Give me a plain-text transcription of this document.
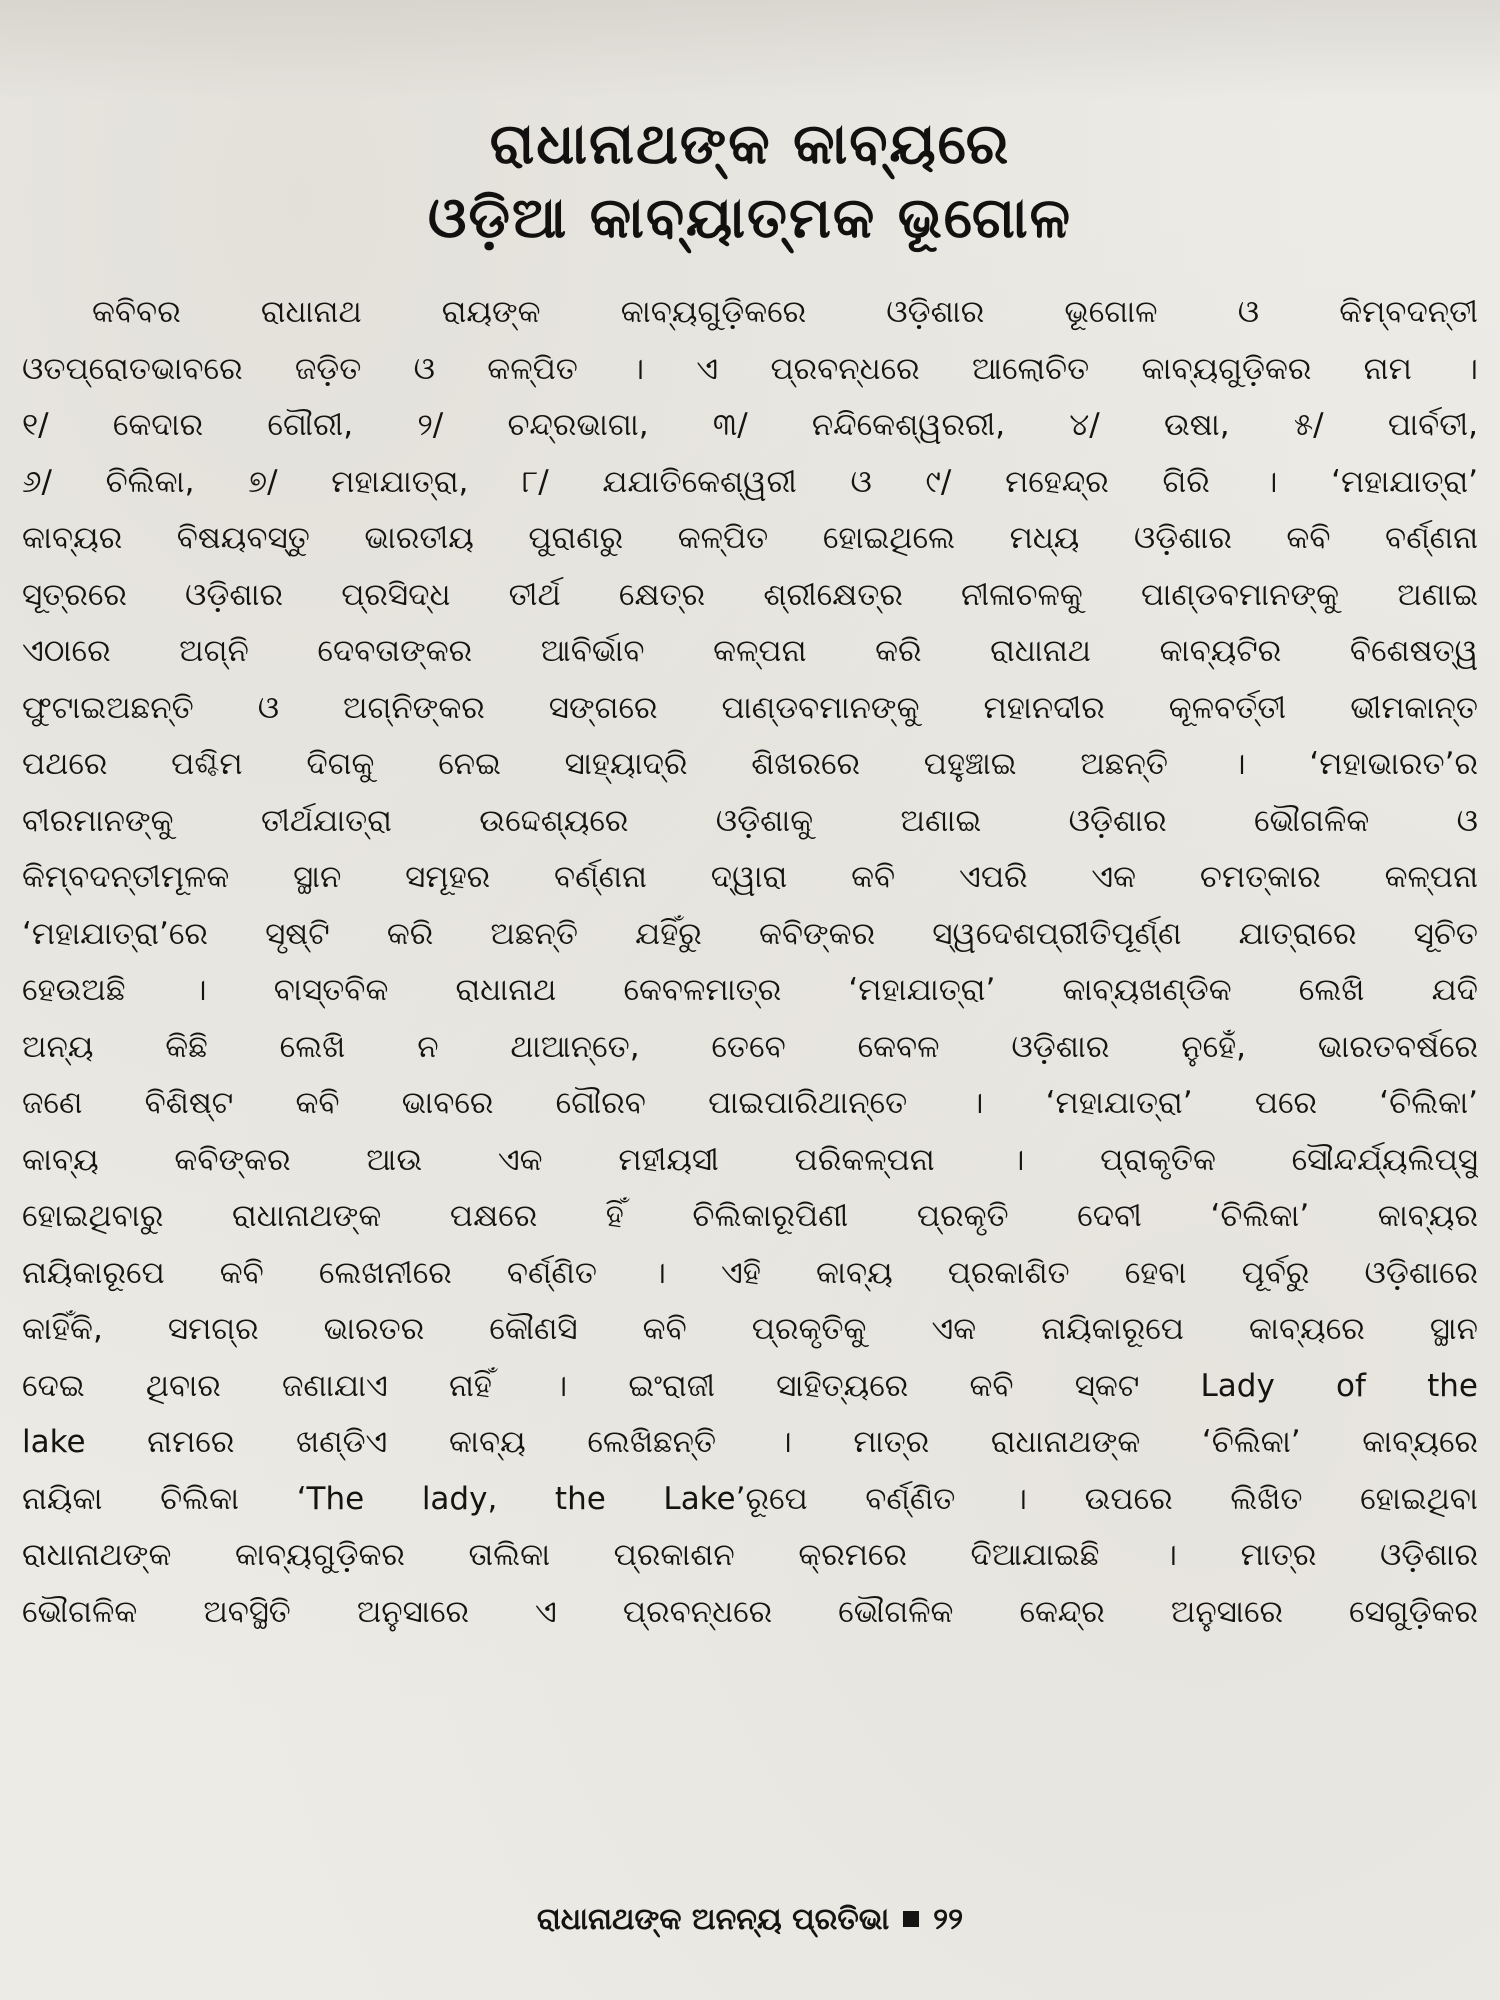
ରାଧାନାଥଙ୍କ କାବ୍ୟରେ
ଓଡ଼ିଆ କାବ୍ୟାତ୍ମକ ଭୂଗୋଳ

କବିବର ରାଧାନାଥ ରାୟଙ୍କ କାବ୍ୟଗୁଡ଼ିକରେ ଓଡ଼ିଶାର ଭୂଗୋଳ ଓ କିମ୍ବଦନ୍ତୀ
ଓତପ୍ରୋତଭାବରେ ଜଡ଼ିତ ଓ କଳ୍ପିତ । ଏ ପ୍ରବନ୍ଧରେ ଆଲୋଚିତ କାବ୍ୟଗୁଡ଼ିକର ନାମ ।
୧/ କେଦାର ଗୌରୀ, ୨/ ଚନ୍ଦ୍ରଭାଗା, ୩/ ନନ୍ଦିକେଶ୍ୱରରୀ, ୪/ ଉଷା, ୫/ ପାର୍ବତୀ,
୬/ ଚିଲିକା, ୭/ ମହାଯାତ୍ରା, ୮/ ଯଯାତିକେଶ୍ୱରୀ ଓ ୯/ ମହେନ୍ଦ୍ର ଗିରି । ‘ମହାଯାତ୍ରା’
କାବ୍ୟର ବିଷୟବସ୍ତୁ ଭାରତୀୟ ପୁରାଣରୁ କଳ୍ପିତ ହୋଇଥିଲେ ମଧ୍ୟ ଓଡ଼ିଶାର କବି ବର୍ଣ୍ଣନା
ସୂତ୍ରରେ ଓଡ଼ିଶାର ପ୍ରସିଦ୍ଧ ତୀର୍ଥ କ୍ଷେତ୍ର ଶ୍ରୀକ୍ଷେତ୍ର ନୀଳାଚଳକୁ ପାଣ୍ଡବମାନଙ୍କୁ ଅଣାଇ
ଏଠାରେ ଅଗ୍ନି ଦେବତାଙ୍କର ଆବିର୍ଭାବ କଳ୍ପନା କରି ରାଧାନାଥ କାବ୍ୟଟିର ବିଶେଷତ୍ୱ
ଫୁଟାଇଅଛନ୍ତି ଓ ଅଗ୍ନିଙ୍କର ସଙ୍ଗରେ ପାଣ୍ଡବମାନଙ୍କୁ ମହାନଦୀର କୂଳବର୍ତ୍ତୀ ଭୀମକାନ୍ତ
ପଥରେ ପଶ୍ଚିମ ଦିଗକୁ ନେଇ ସାହ୍ୟାଦ୍ରି ଶିଖରରେ ପହୁଞ୍ଚାଇ ଅଛନ୍ତି । ‘ମହାଭାରତ’ର
ବୀରମାନଙ୍କୁ ତୀର୍ଥଯାତ୍ରା ଉଦ୍ଦେଶ୍ୟରେ ଓଡ଼ିଶାକୁ ଅଣାଇ ଓଡ଼ିଶାର ଭୌଗଳିକ ଓ
କିମ୍ବଦନ୍ତୀମୂଳକ ସ୍ଥାନ ସମୂହର ବର୍ଣ୍ଣନା ଦ୍ୱାରା କବି ଏପରି ଏକ ଚମତ୍କାର କଳ୍ପନା
‘ମହାଯାତ୍ରା’ରେ ସୃଷ୍ଟି କରି ଅଛନ୍ତି ଯହିଁରୁ କବିଙ୍କର ସ୍ୱଦେଶପ୍ରୀତିପୂର୍ଣ୍ଣ ଯାତ୍ରାରେ ସୂଚିତ
ହେଉଅଛି । ବାସ୍ତବିକ ରାଧାନାଥ କେବଳମାତ୍ର ‘ମହାଯାତ୍ରା’ କାବ୍ୟଖଣ୍ଡିକ ଲେଖି ଯଦି
ଅନ୍ୟ କିଛି ଲେଖି ନ ଥାଆନ୍ତେ, ତେବେ କେବଳ ଓଡ଼ିଶାର ନୁହେଁ, ଭାରତବର୍ଷରେ
ଜଣେ ବିଶିଷ୍ଟ କବି ଭାବରେ ଗୌରବ ପାଇପାରିଥାନ୍ତେ । ‘ମହାଯାତ୍ରା’ ପରେ ‘ଚିଲିକା’
କାବ୍ୟ କବିଙ୍କର ଆଉ ଏକ ମହୀୟସୀ ପରିକଳ୍ପନା । ପ୍ରାକୃତିକ ସୌନ୍ଦର୍ଯ୍ୟଲିପ୍ସୁ
ହୋଇଥିବାରୁ ରାଧାନାଥଙ୍କ ପକ୍ଷରେ ହିଁ ଚିଲିକାରୂପିଣୀ ପ୍ରକୃତି ଦେବୀ ‘ଚିଲିକା’ କାବ୍ୟର
ନାୟିକାରୂପେ କବି ଲେଖନୀରେ ବର୍ଣ୍ଣିତ । ଏହି କାବ୍ୟ ପ୍ରକାଶିତ ହେବା ପୂର୍ବରୁ ଓଡ଼ିଶାରେ
କାହିଁକି, ସମଗ୍ର ଭାରତର କୌଣସି କବି ପ୍ରକୃତିକୁ ଏକ ନାୟିକାରୂପେ କାବ୍ୟରେ ସ୍ଥାନ
ଦେଇ ଥିବାର ଜଣାଯାଏ ନାହିଁ । ଇଂରାଜୀ ସାହିତ୍ୟରେ କବି ସ୍କଟ Lady of the
lake ନାମରେ ଖଣ୍ଡିଏ କାବ୍ୟ ଲେଖିଛନ୍ତି । ମାତ୍ର ରାଧାନାଥଙ୍କ ‘ଚିଲିକା’ କାବ୍ୟରେ
ନାୟିକା ଚିଲିକା ‘The lady, the Lake’ରୂପେ ବର୍ଣ୍ଣିତ । ଉପରେ ଲିଖିତ ହୋଇଥିବା
ରାଧାନାଥଙ୍କ କାବ୍ୟଗୁଡ଼ିକର ତାଲିକା ପ୍ରକାଶନ କ୍ରମରେ ଦିଆଯାଇଛି । ମାତ୍ର ଓଡ଼ିଶାର
ଭୌଗଳିକ ଅବସ୍ଥିତି ଅନୁସାରେ ଏ ପ୍ରବନ୍ଧରେ ଭୌଗଳିକ କେନ୍ଦ୍ର ଅନୁସାରେ ସେଗୁଡ଼ିକର

ରାଧାନାଥଙ୍କ ଅନନ୍ୟ ପ୍ରତିଭା ୨୨
